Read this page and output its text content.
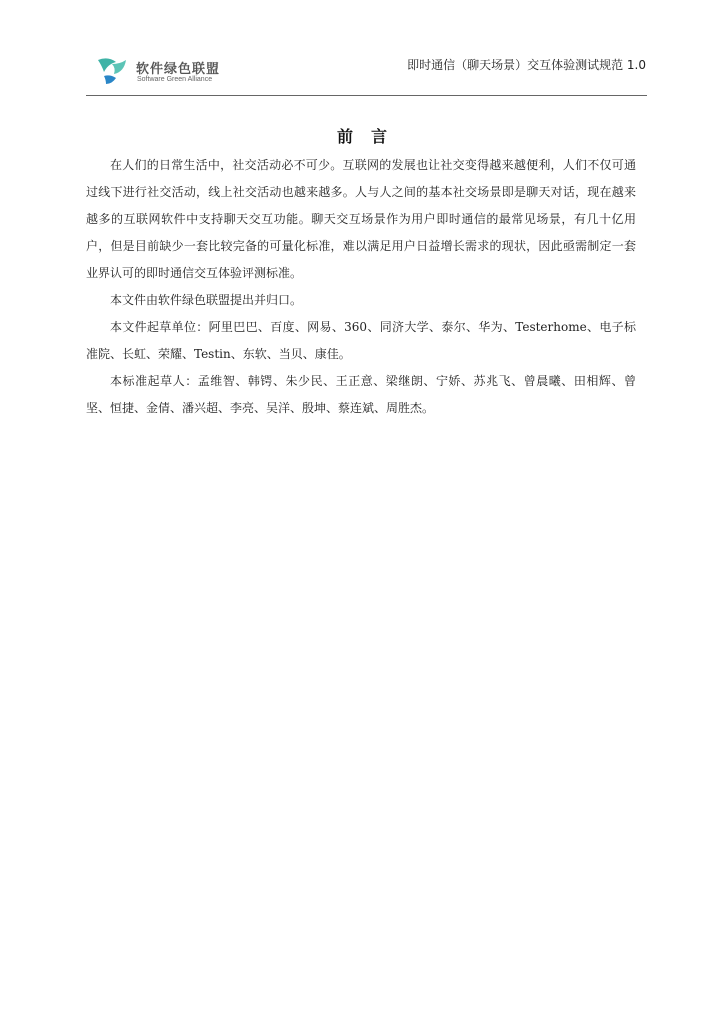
软件绿色联盟
Software Green Alliance
即时通信（聊天场景）交互体验测试规范 1.0
前言

在人们的日常生活中，社交活动必不可少。互联网的发展也让社交变得越来越便利，人们不仅可通过线下进行社交活动，线上社交活动也越来越多。人与人之间的基本社交场景即是聊天对话，现在越来越多的互联网软件中支持聊天交互功能。聊天交互场景作为用户即时通信的最常见场景，有几十亿用户，但是目前缺少一套比较完备的可量化标准，难以满足用户日益增长需求的现状，因此亟需制定一套业界认可的即时通信交互体验评测标准。

本文件由软件绿色联盟提出并归口。

本文件起草单位：阿里巴巴、百度、网易、360、同济大学、泰尔、华为、Testerhome、电子标准院、长虹、荣耀、Testin、东软、当贝、康佳。

本标准起草人：孟维智、韩锷、朱少民、王正意、梁继朗、宁娇、苏兆飞、曾晨曦、田相辉、曾坚、恒捷、金倩、潘兴超、李亮、吴洋、殷坤、蔡连斌、周胜杰。
